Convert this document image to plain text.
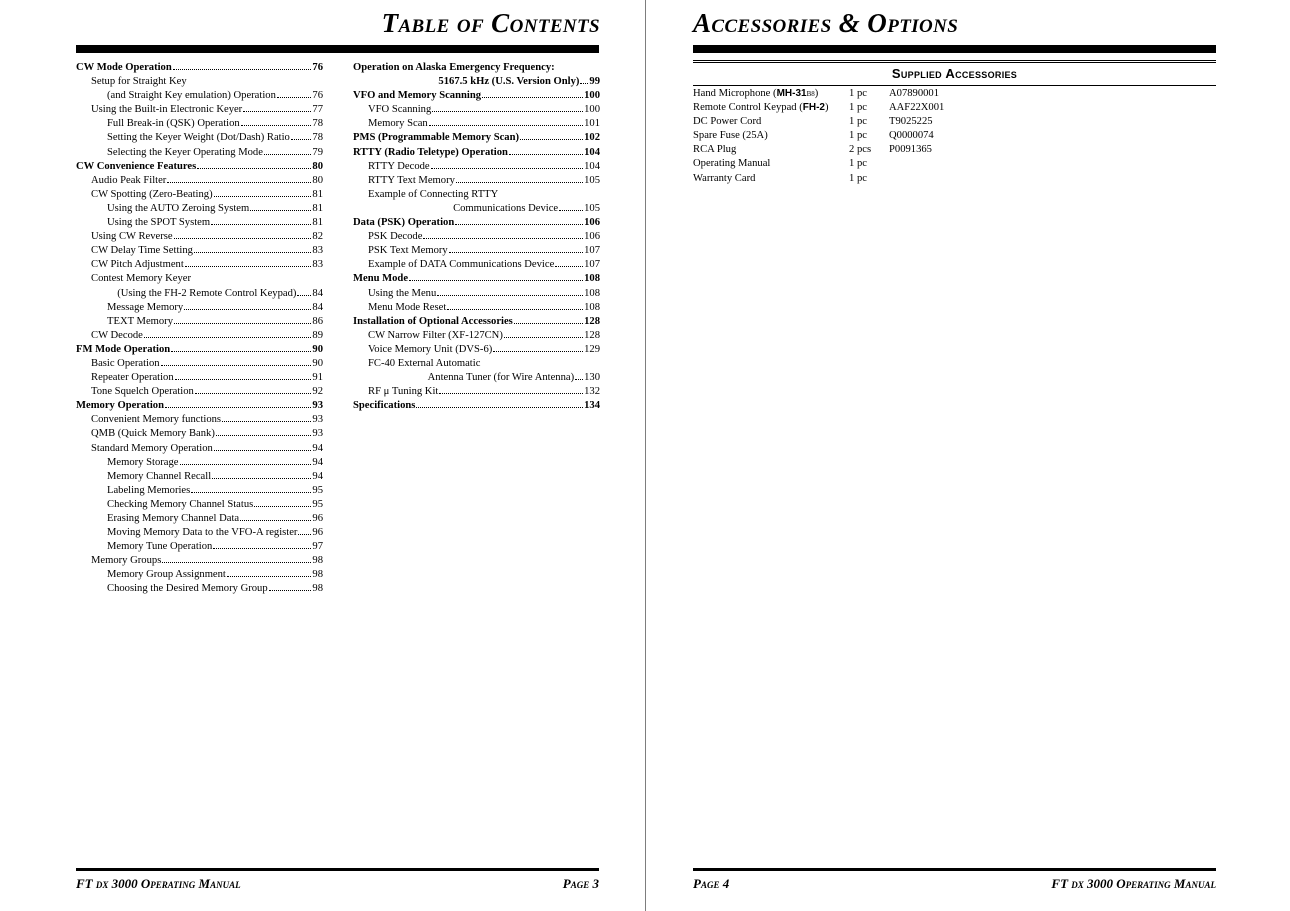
Table of Contents
CW Mode Operation	76
Setup for Straight Key
(and Straight Key emulation) Operation	76
Using the Built-in Electronic Keyer	77
Full Break-in (QSK) Operation	78
Setting the Keyer Weight (Dot/Dash) Ratio 78
Selecting the Keyer Operating Mode	79
CW Convenience Features	80
Audio Peak Filter	80
CW Spotting (Zero-Beating)	81
Using the AUTO Zeroing System	81
Using the SPOT System	81
Using CW Reverse	82
CW Delay Time Setting	83
CW Pitch Adjustment	83
Contest Memory Keyer
(Using the FH-2 Remote Control Keypad) 84
Message Memory	84
TEXT Memory	86
CW Decode	89
FM Mode Operation	90
Basic Operation	90
Repeater Operation	91
Tone Squelch Operation	92
Memory Operation	93
Convenient Memory functions	93
QMB (Quick Memory Bank)	93
Standard Memory Operation	94
Memory Storage	94
Memory Channel Recall	94
Labeling Memories	95
Checking Memory Channel Status	95
Erasing Memory Channel Data	96
Moving Memory Data to the VFO-A register 96
Memory Tune Operation	97
Memory Groups	98
Memory Group Assignment	98
Choosing the Desired Memory Group	98
Operation on Alaska Emergency Frequency:
5167.5 kHz (U.S. Version Only) 99
VFO and Memory Scanning	100
VFO Scanning	100
Memory Scan	101
PMS (Programmable Memory Scan)	102
RTTY (Radio Teletype) Operation	104
RTTY Decode	104
RTTY Text Memory	105
Example of Connecting RTTY
Communications Device 105
Data (PSK) Operation	106
PSK Decode	106
PSK Text Memory	107
Example of DATA Communications Device	107
Menu Mode	108
Using the Menu	108
Menu Mode Reset	108
Installation of Optional Accessories	128
CW Narrow Filter (XF-127CN)	128
Voice Memory Unit (DVS-6)	129
FC-40 External Automatic
Antenna Tuner (for Wire Antenna) 130
RF μ Tuning Kit	132
Specifications	134
FT dx 3000 Operating Manual	Page 3
Accessories & Options
Supplied Accessories
Hand Microphone (MH-31B8)	1 pc	A07890001
Remote Control Keypad (FH-2)	1 pc	AAF22X001
DC Power Cord	1 pc	T9025225
Spare Fuse (25A)	1 pc	Q0000074
RCA Plug	2 pcs	P0091365
Operating Manual	1 pc
Warranty Card	1 pc
Page 4	FT dx 3000 Operating Manual
